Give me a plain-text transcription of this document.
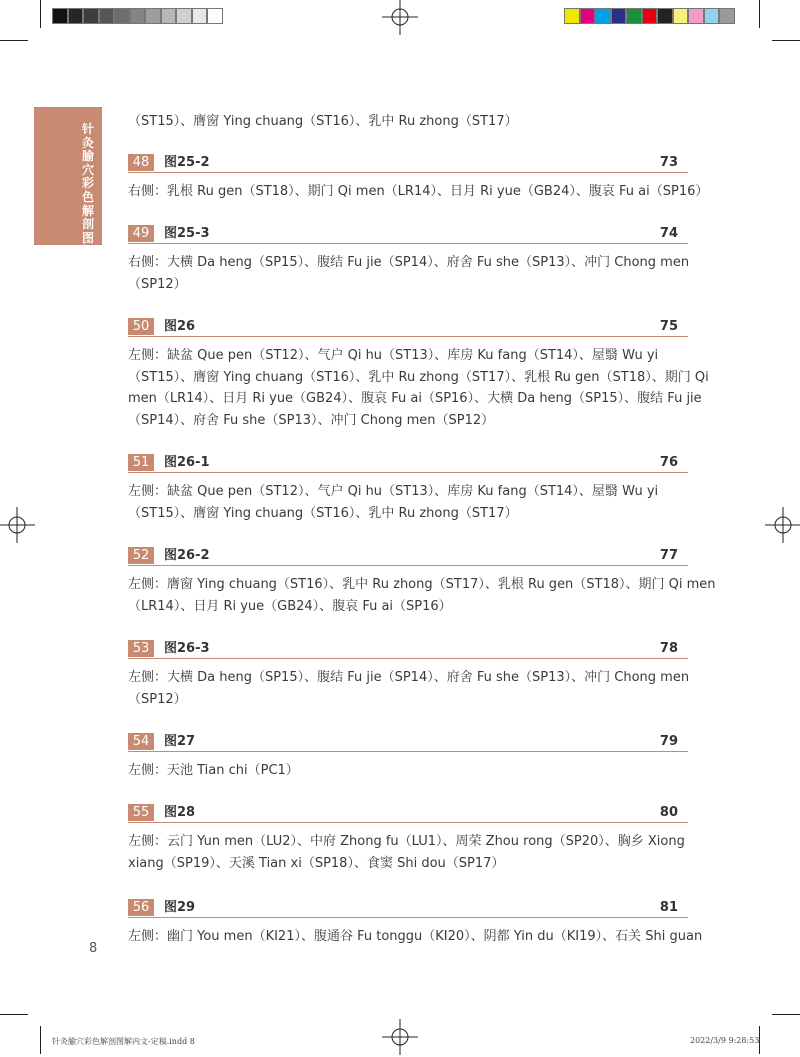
针灸腧穴彩色解剖图解
（ST15）、膺窗 Ying chuang（ST16）、乳中 Ru zhong（ST17）
48	图25-2	73
右侧：乳根 Ru gen（ST18）、期门 Qi men（LR14）、日月 Ri yue（GB24）、腹哀 Fu ai（SP16）
49	图25-3	74
右侧：大横 Da heng（SP15）、腹结 Fu jie（SP14）、府舍 Fu she（SP13）、冲门 Chong men
（SP12）
50	图26	75
左侧：缺盆 Que pen（ST12）、气户 Qi hu（ST13）、库房 Ku fang（ST14）、屋翳 Wu yi
（ST15）、膺窗 Ying chuang（ST16）、乳中 Ru zhong（ST17）、乳根 Ru gen（ST18）、期门 Qi
men（LR14）、日月 Ri yue（GB24）、腹哀 Fu ai（SP16）、大横 Da heng（SP15）、腹结 Fu jie
（SP14）、府舍 Fu she（SP13）、冲门 Chong men（SP12）
51	图26-1	76
左侧：缺盆 Que pen（ST12）、气户 Qi hu（ST13）、库房 Ku fang（ST14）、屋翳 Wu yi
（ST15）、膺窗 Ying chuang（ST16）、乳中 Ru zhong（ST17）
52	图26-2	77
左侧：膺窗 Ying chuang（ST16）、乳中 Ru zhong（ST17）、乳根 Ru gen（ST18）、期门 Qi men
（LR14）、日月 Ri yue（GB24）、腹哀 Fu ai（SP16）
53	图26-3	78
左侧：大横 Da heng（SP15）、腹结 Fu jie（SP14）、府舍 Fu she（SP13）、冲门 Chong men
（SP12）
54	图27	79
左侧：天池 Tian chi（PC1）
55	图28	80
左侧：云门 Yun men（LU2）、中府 Zhong fu（LU1）、周荣 Zhou rong（SP20）、胸乡 Xiong
xiang（SP19）、天溪 Tian xi（SP18）、食窦 Shi dou（SP17）
56	图29	81
左侧：幽门 You men（KI21）、腹通谷 Fu tonggu（KI20）、阴都 Yin du（KI19）、石关 Shi guan
8
针灸腧穴彩色解剖图解内文-定稿.indd 8	2022/3/9 9:28:53
